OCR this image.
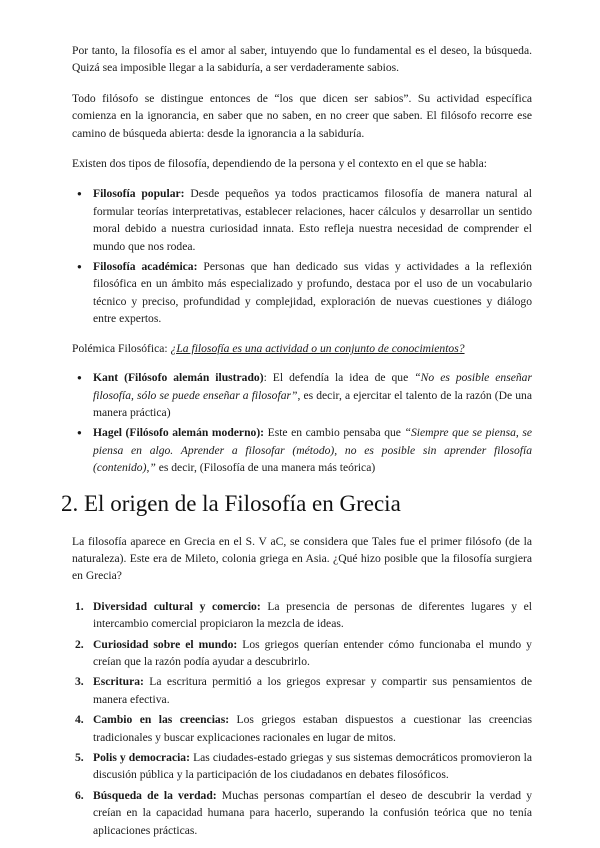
Por tanto, la filosofía es el amor al saber, intuyendo que lo fundamental es el deseo, la búsqueda. Quizá sea imposible llegar a la sabiduría, a ser verdaderamente sabios.

Todo filósofo se distingue entonces de “los que dicen ser sabios”. Su actividad específica comienza en la ignorancia, en saber que no saben, en no creer que saben. El filósofo recorre ese camino de búsqueda abierta: desde la ignorancia a la sabiduría.

Existen dos tipos de filosofía, dependiendo de la persona y el contexto en el que se habla:

● Filosofía popular: Desde pequeños ya todos practicamos filosofía de manera natural al formular teorías interpretativas, establecer relaciones, hacer cálculos y desarrollar un sentido moral debido a nuestra curiosidad innata. Esto refleja nuestra necesidad de comprender el mundo que nos rodea.
● Filosofía académica: Personas que han dedicado sus vidas y actividades a la reflexión filosófica en un ámbito más especializado y profundo, destaca por el uso de un vocabulario técnico y preciso, profundidad y complejidad, exploración de nuevas cuestiones y diálogo entre expertos.

Polémica Filosófica: ¿La filosofía es una actividad o un conjunto de conocimientos?

● Kant (Filósofo alemán ilustrado): El defendía la idea de que “No es posible enseñar filosofía, sólo se puede enseñar a filosofar”, es decir, a ejercitar el talento de la razón (De una manera práctica)
● Hagel (Filósofo alemán moderno): Este en cambio pensaba que “Siempre que se piensa, se piensa en algo. Aprender a filosofar (método), no es posible sin aprender filosofía (contenido),” es decir, (Filosofía de una manera más teórica)
2. El origen de la Filosofía en Grecia

La filosofía aparece en Grecia en el S. V aC, se considera que Tales fue el primer filósofo (de la naturaleza). Este era de Mileto, colonia griega en Asia. ¿Qué hizo posible que la filosofía surgiera en Grecia?

1. Diversidad cultural y comercio: La presencia de personas de diferentes lugares y el intercambio comercial propiciaron la mezcla de ideas.
2. Curiosidad sobre el mundo: Los griegos querían entender cómo funcionaba el mundo y creían que la razón podía ayudar a descubrirlo.
3. Escritura: La escritura permitió a los griegos expresar y compartir sus pensamientos de manera efectiva.
4. Cambio en las creencias: Los griegos estaban dispuestos a cuestionar las creencias tradicionales y buscar explicaciones racionales en lugar de mitos.
5. Polis y democracia: Las ciudades-estado griegas y sus sistemas democráticos promovieron la discusión pública y la participación de los ciudadanos en debates filosóficos.
6. Búsqueda de la verdad: Muchas personas compartían el deseo de descubrir la verdad y creían en la capacidad humana para hacerlo, superando la confusión teórica que no tenía aplicaciones prácticas.
